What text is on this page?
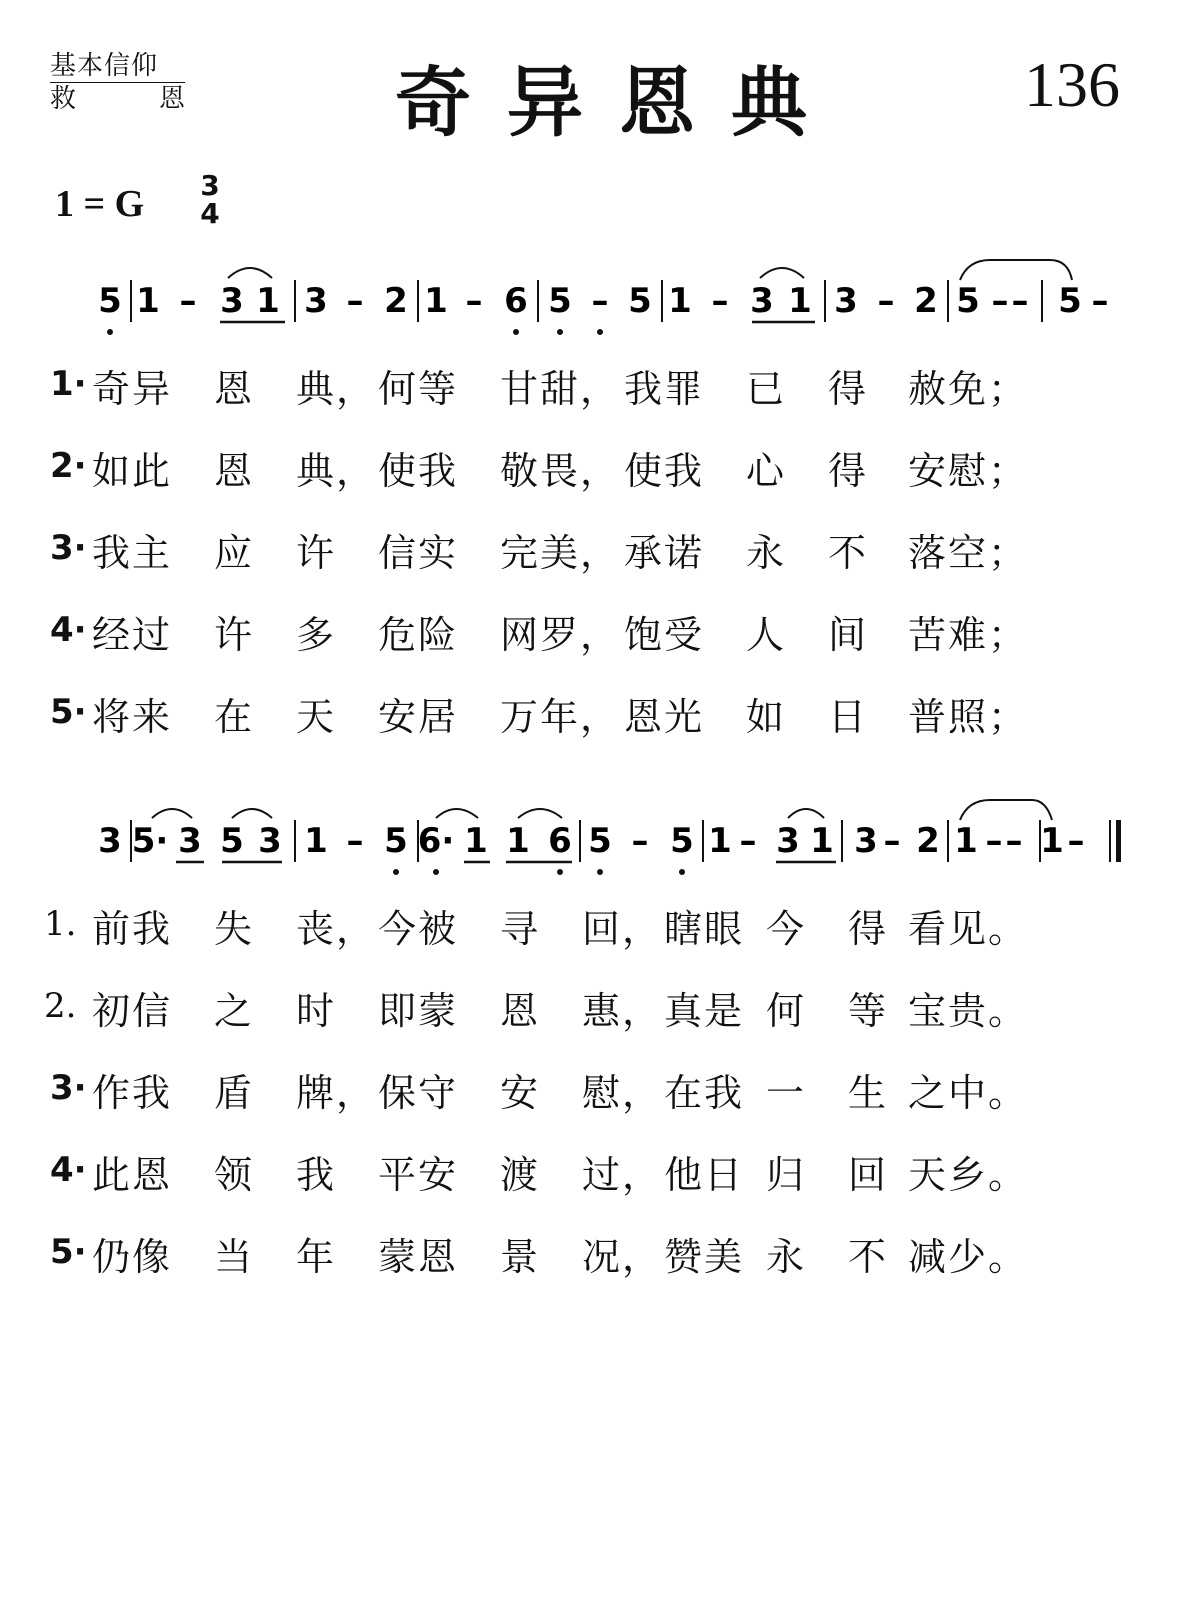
基本信仰
救	恩	奇异恩典	136
1 = G 3
4
5 1 – 3 1 3 – 2 1 – 6 5 – 5 1 – 3 1 3 – 2 5 – – 5 –
1· 奇异 恩 典， 何等 甘甜， 我罪 已 得 赦免；
2· 如此 恩 典， 使我 敬畏， 使我 心 得 安慰；
3· 我主 应 许 信实 完美， 承诺 永 不 落空；
4· 经过 许 多 危险 网罗， 饱受 人 间 苦难；
5· 将来 在 天 安居 万年， 恩光 如 日 普照；
3 5· 3 5 3 1 – 5 6· 1 1 6 5 – 5 1 – 3 1 3 – 2 1 – – 1 –
1. 前我 失 丧， 今被 寻 回， 瞎眼 今 得 看见。
2. 初信 之 时 即蒙 恩 惠， 真是 何 等 宝贵。
3· 作我 盾 牌， 保守 安 慰， 在我 一 生 之中。
4· 此恩 领 我 平安 渡 过， 他日 归 回 天乡。
5· 仍像 当 年 蒙恩 景 况， 赞美 永 不 减少。
